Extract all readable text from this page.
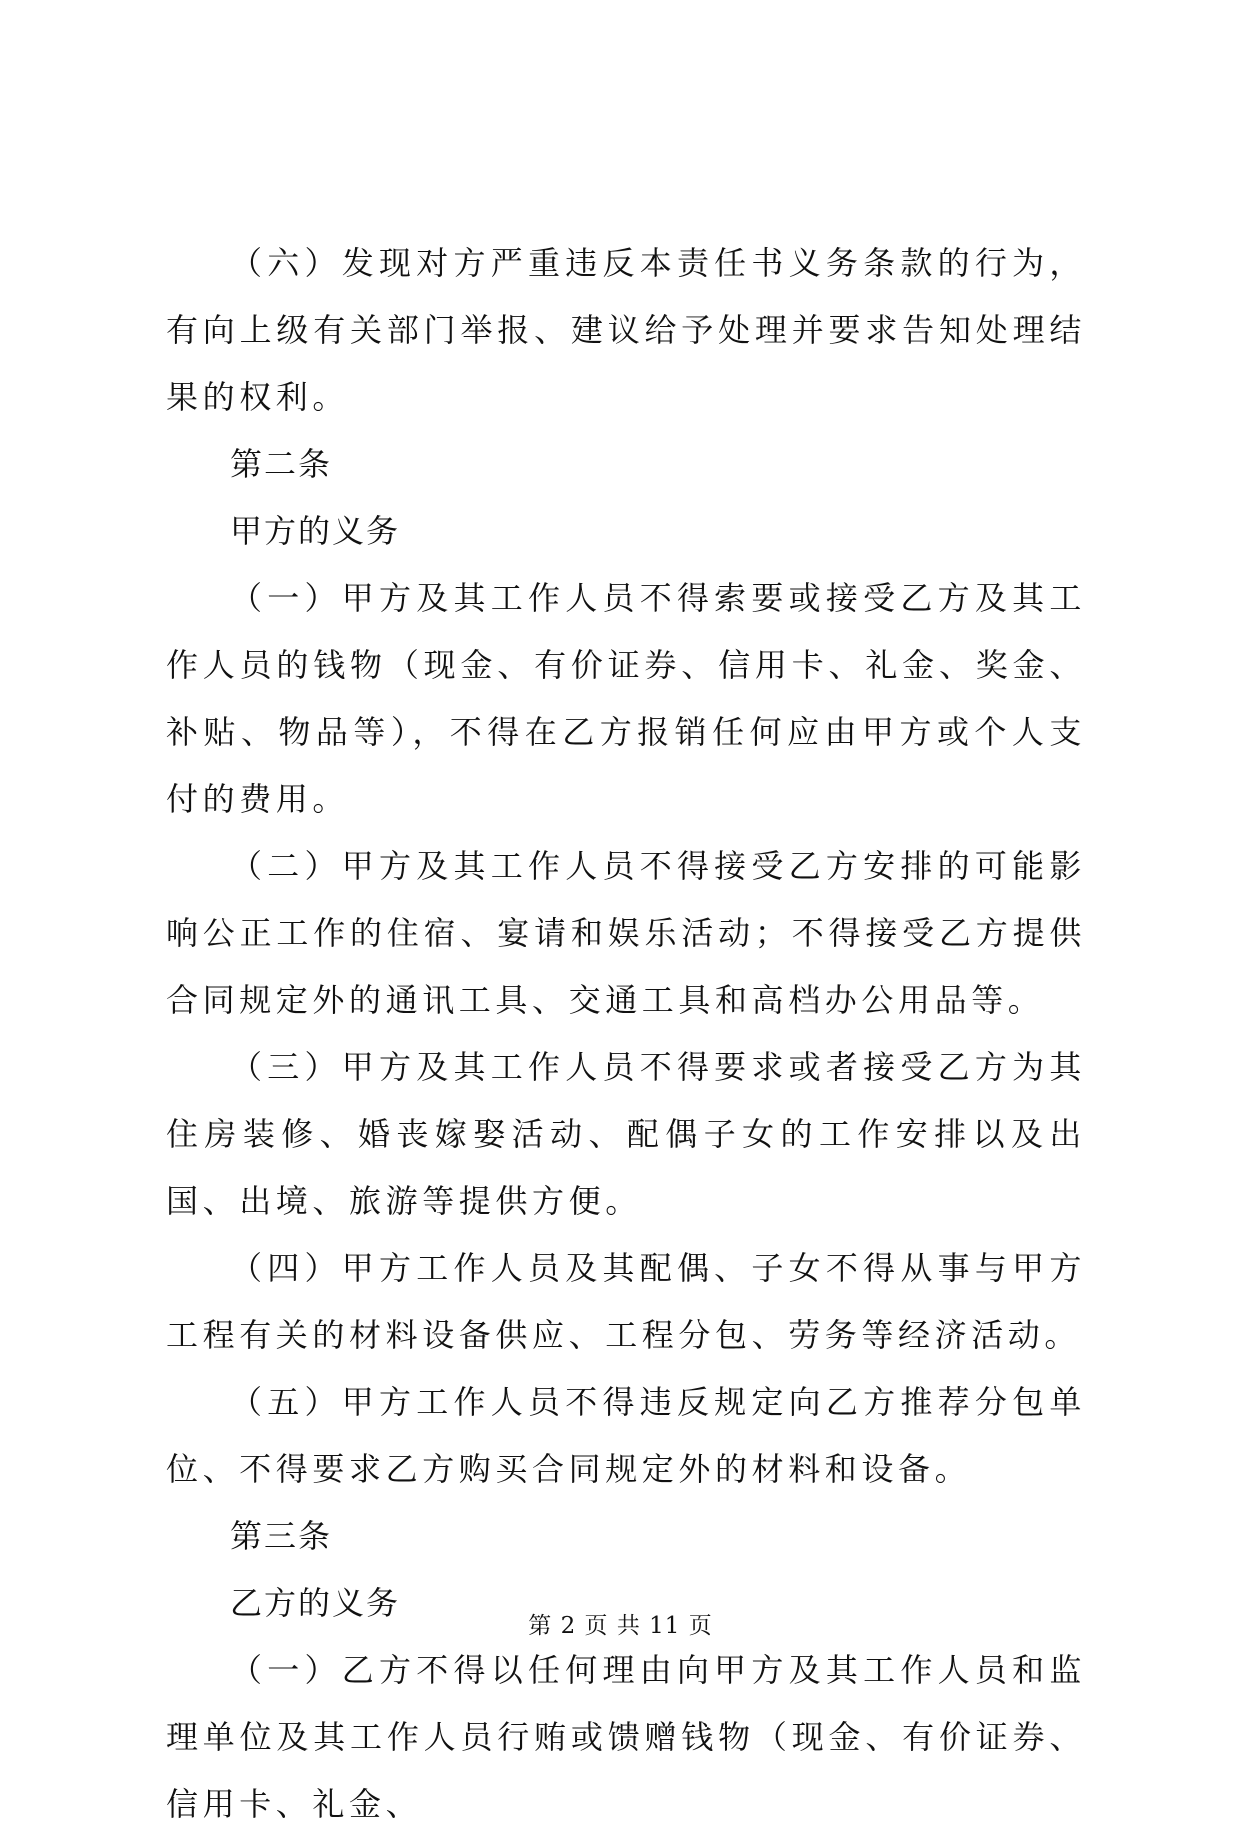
（六）发现对方严重违反本责任书义务条款的行为，有向上级有关部门举报、建议给予处理并要求告知处理结果的权利。

第二条

甲方的义务

（一）甲方及其工作人员不得索要或接受乙方及其工作人员的钱物（现金、有价证券、信用卡、礼金、奖金、补贴、物品等），不得在乙方报销任何应由甲方或个人支付的费用。

（二）甲方及其工作人员不得接受乙方安排的可能影响公正工作的住宿、宴请和娱乐活动；不得接受乙方提供合同规定外的通讯工具、交通工具和高档办公用品等。

（三）甲方及其工作人员不得要求或者接受乙方为其住房装修、婚丧嫁娶活动、配偶子女的工作安排以及出国、出境、旅游等提供方便。

（四）甲方工作人员及其配偶、子女不得从事与甲方工程有关的材料设备供应、工程分包、劳务等经济活动。

（五）甲方工作人员不得违反规定向乙方推荐分包单位、不得要求乙方购买合同规定外的材料和设备。

第三条

乙方的义务

（一）乙方不得以任何理由向甲方及其工作人员和监理单位及其工作人员行贿或馈赠钱物（现金、有价证券、信用卡、礼金、

第 2 页 共 11 页
